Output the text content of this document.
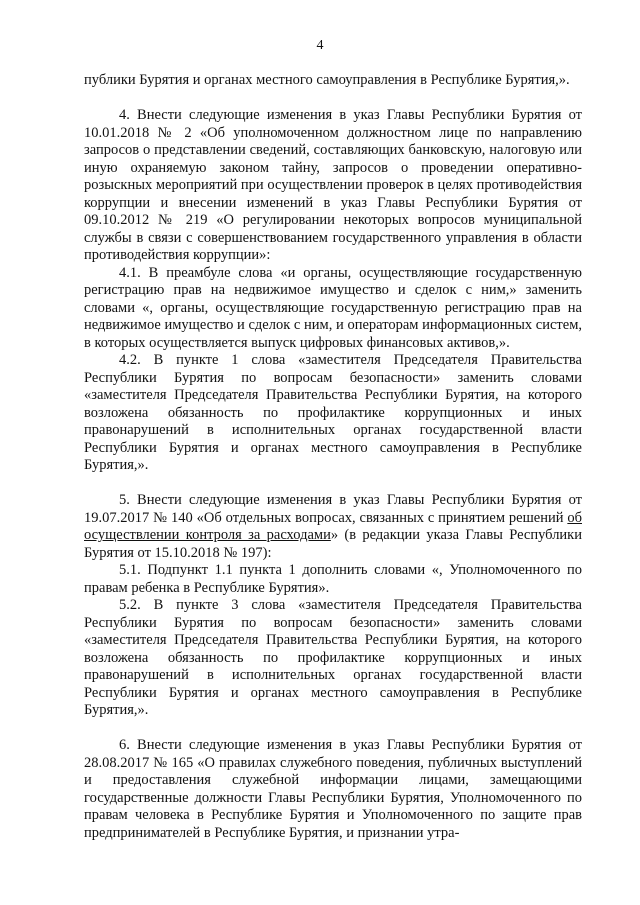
4

публики Бурятия и органах местного самоуправления в Республике Бурятия,».

4. Внести следующие изменения в указ Главы Республики Бурятия от 10.01.2018 № 2 «Об уполномоченном должностном лице по направлению запросов о представлении сведений, составляющих банковскую, налоговую или иную охраняемую законом тайну, запросов о проведении оперативно-розыскных мероприятий при осуществлении проверок в целях противодействия коррупции и внесении изменений в указ Главы Республики Бурятия от 09.10.2012 № 219 «О регулировании некоторых вопросов муниципальной службы в связи с совершенствованием государственного управления в области противодействия коррупции»:

4.1. В преамбуле слова «и органы, осуществляющие государственную регистрацию прав на недвижимое имущество и сделок с ним,» заменить словами «, органы, осуществляющие государственную регистрацию прав на недвижимое имущество и сделок с ним, и операторам информационных систем, в которых осуществляется выпуск цифровых финансовых активов,».

4.2. В пункте 1 слова «заместителя Председателя Правительства Республики Бурятия по вопросам безопасности» заменить словами «заместителя Председателя Правительства Республики Бурятия, на которого возложена обязанность по профилактике коррупционных и иных правонарушений в исполнительных органах государственной власти Республики Бурятия и органах местного самоуправления в Республике Бурятия,».

5. Внести следующие изменения в указ Главы Республики Бурятия от 19.07.2017 № 140 «Об отдельных вопросах, связанных с принятием решений об осуществлении контроля за расходами» (в редакции указа Главы Республики Бурятия от 15.10.2018 № 197):

5.1. Подпункт 1.1 пункта 1 дополнить словами «, Уполномоченного по правам ребенка в Республике Бурятия».

5.2. В пункте 3 слова «заместителя Председателя Правительства Республики Бурятия по вопросам безопасности» заменить словами «заместителя Председателя Правительства Республики Бурятия, на которого возложена обязанность по профилактике коррупционных и иных правонарушений в исполнительных органах государственной власти Республики Бурятия и органах местного самоуправления в Республике Бурятия,».

6. Внести следующие изменения в указ Главы Республики Бурятия от 28.08.2017 № 165 «О правилах служебного поведения, публичных выступлений и предоставления служебной информации лицами, замещающими государственные должности Главы Республики Бурятия, Уполномоченного по правам человека в Республике Бурятия и Уполномоченного по защите прав предпринимателей в Республике Бурятия, и признании утра-
